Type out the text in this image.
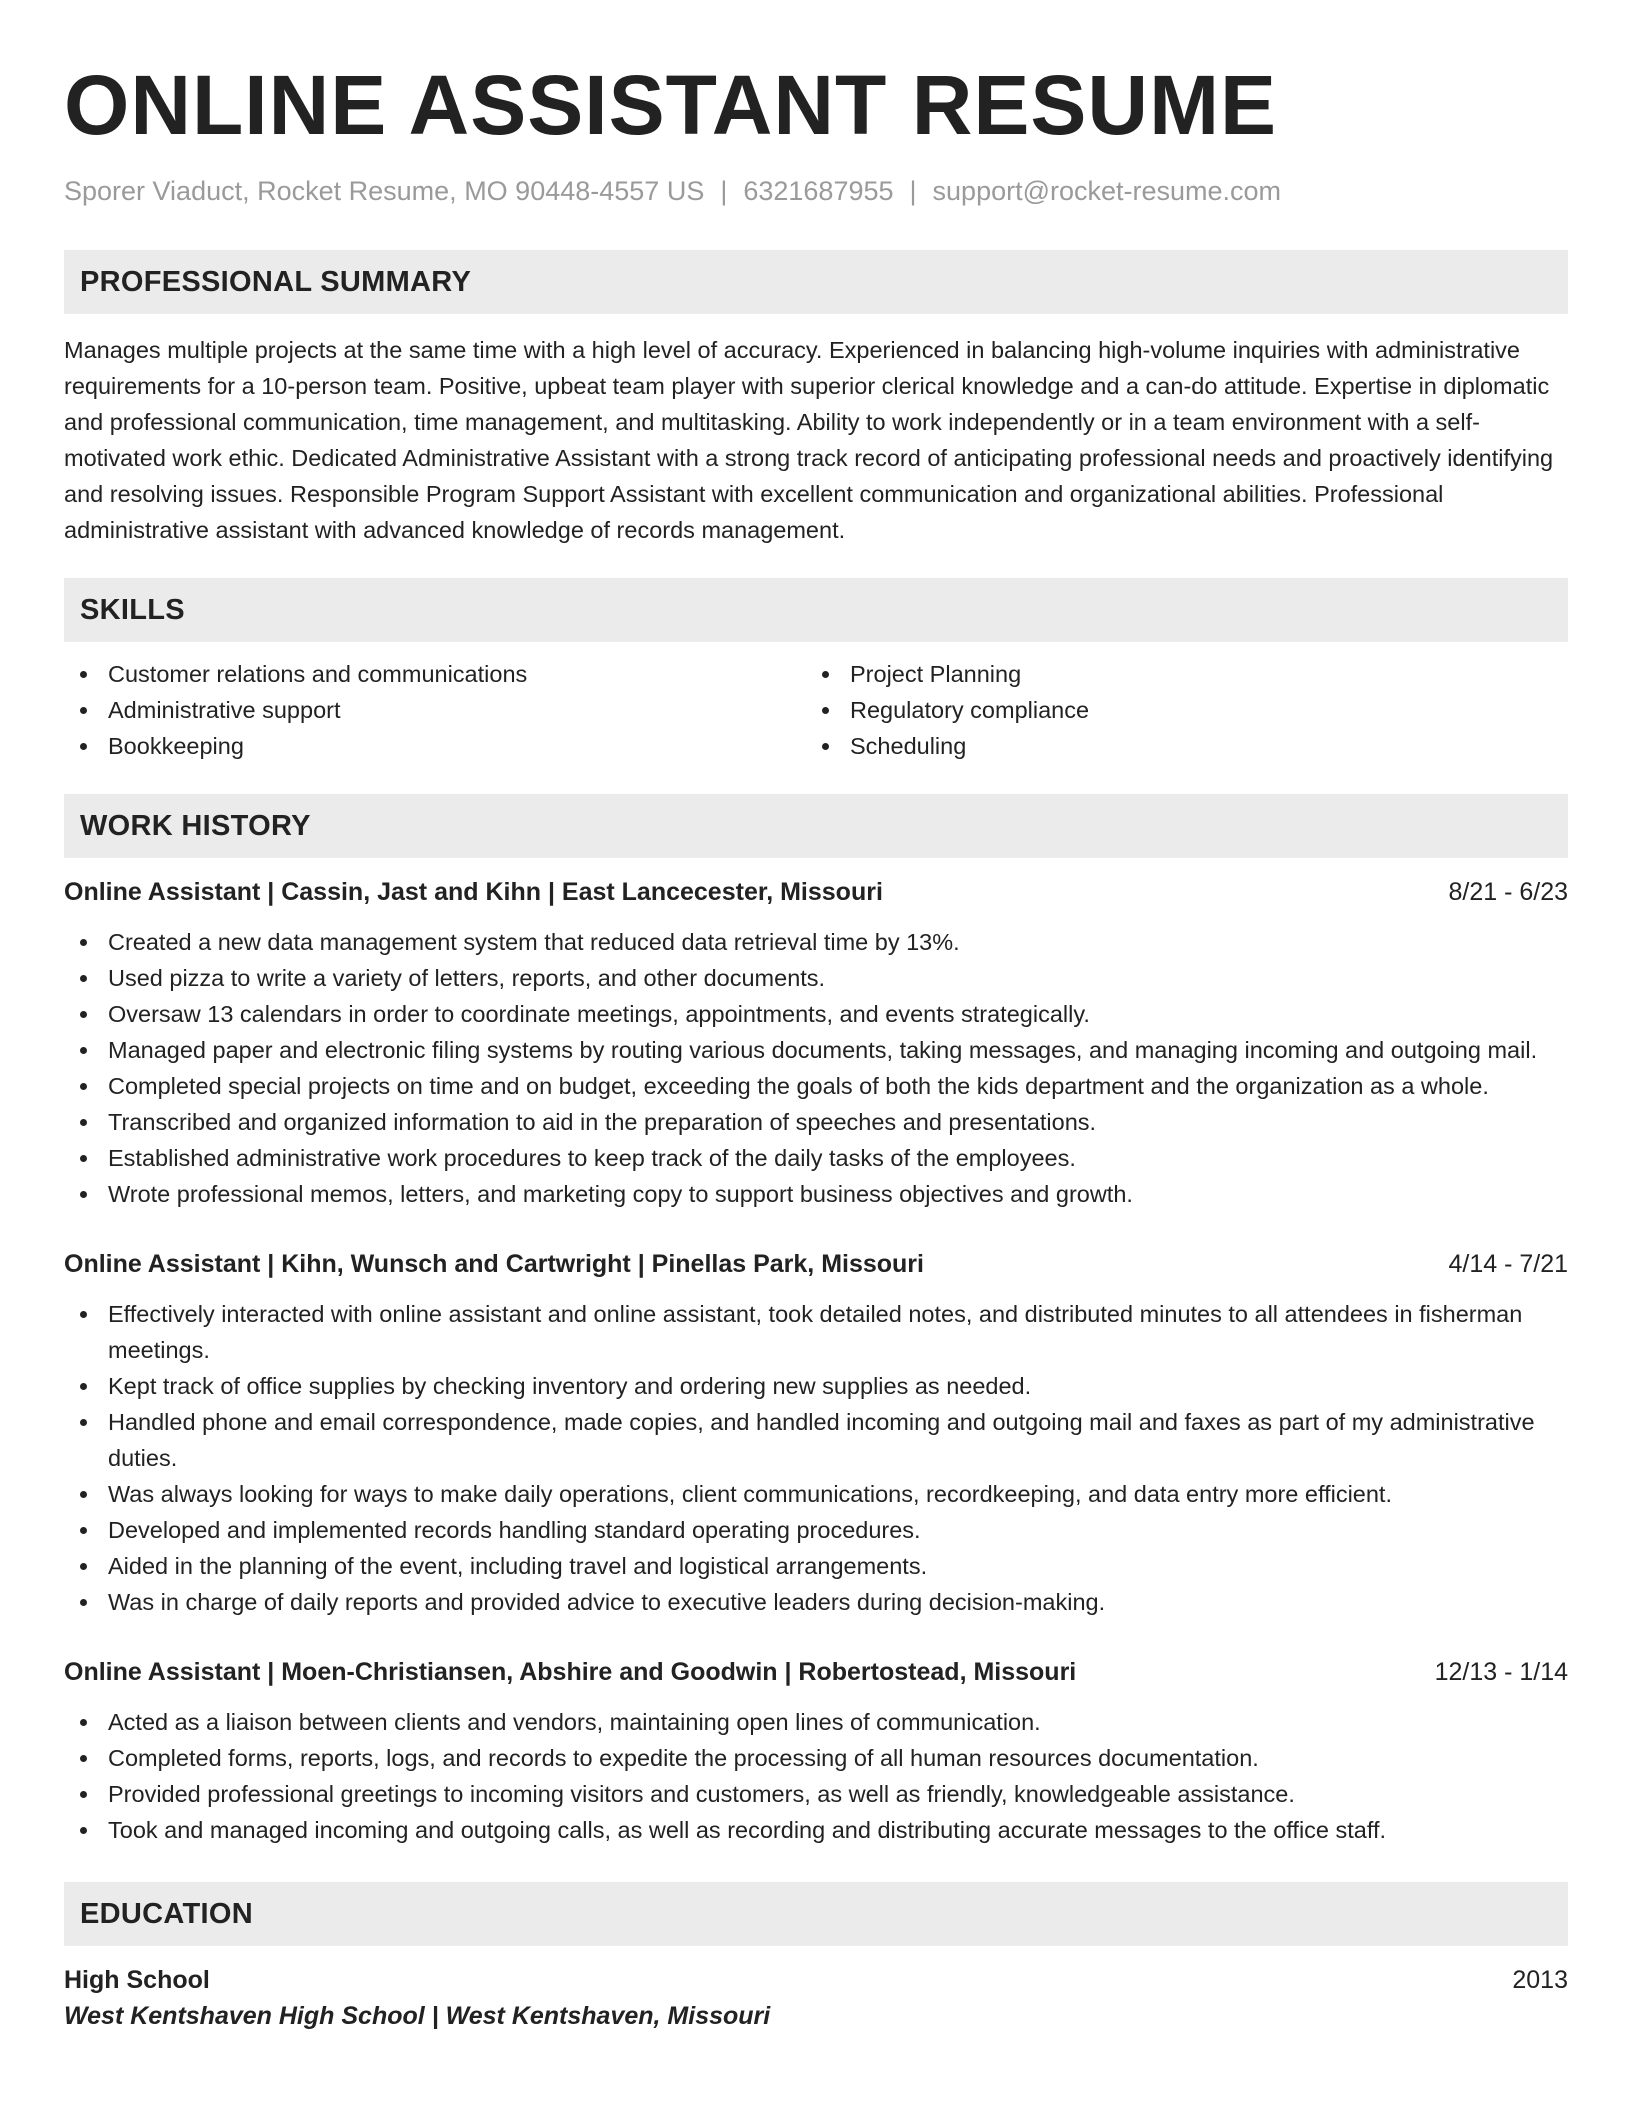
ONLINE ASSISTANT RESUME
Sporer Viaduct, Rocket Resume, MO 90448-4557 US | 6321687955 | support@rocket-resume.com
PROFESSIONAL SUMMARY

Manages multiple projects at the same time with a high level of accuracy. Experienced in balancing high-volume inquiries with administrative requirements for a 10-person team. Positive, upbeat team player with superior clerical knowledge and a can-do attitude. Expertise in diplomatic and professional communication, time management, and multitasking. Ability to work independently or in a team environment with a self-motivated work ethic. Dedicated Administrative Assistant with a strong track record of anticipating professional needs and proactively identifying and resolving issues. Responsible Program Support Assistant with excellent communication and organizational abilities. Professional administrative assistant with advanced knowledge of records management.

SKILLS
Customer relations and communications
Administrative support
Bookkeeping
Project Planning
Regulatory compliance
Scheduling
WORK HISTORY
Online Assistant | Cassin, Jast and Kihn | East Lancecester, Missouri	8/21 - 6/23
Created a new data management system that reduced data retrieval time by 13%.
Used pizza to write a variety of letters, reports, and other documents.
Oversaw 13 calendars in order to coordinate meetings, appointments, and events strategically.
Managed paper and electronic filing systems by routing various documents, taking messages, and managing incoming and outgoing mail.
Completed special projects on time and on budget, exceeding the goals of both the kids department and the organization as a whole.
Transcribed and organized information to aid in the preparation of speeches and presentations.
Established administrative work procedures to keep track of the daily tasks of the employees.
Wrote professional memos, letters, and marketing copy to support business objectives and growth.
Online Assistant | Kihn, Wunsch and Cartwright | Pinellas Park, Missouri	4/14 - 7/21
Effectively interacted with online assistant and online assistant, took detailed notes, and distributed minutes to all attendees in fisherman meetings.
Kept track of office supplies by checking inventory and ordering new supplies as needed.
Handled phone and email correspondence, made copies, and handled incoming and outgoing mail and faxes as part of my administrative duties.
Was always looking for ways to make daily operations, client communications, recordkeeping, and data entry more efficient.
Developed and implemented records handling standard operating procedures.
Aided in the planning of the event, including travel and logistical arrangements.
Was in charge of daily reports and provided advice to executive leaders during decision-making.
Online Assistant | Moen-Christiansen, Abshire and Goodwin | Robertostead, Missouri	12/13 - 1/14
Acted as a liaison between clients and vendors, maintaining open lines of communication.
Completed forms, reports, logs, and records to expedite the processing of all human resources documentation.
Provided professional greetings to incoming visitors and customers, as well as friendly, knowledgeable assistance.
Took and managed incoming and outgoing calls, as well as recording and distributing accurate messages to the office staff.
EDUCATION
High School	2013
West Kentshaven High School | West Kentshaven, Missouri
